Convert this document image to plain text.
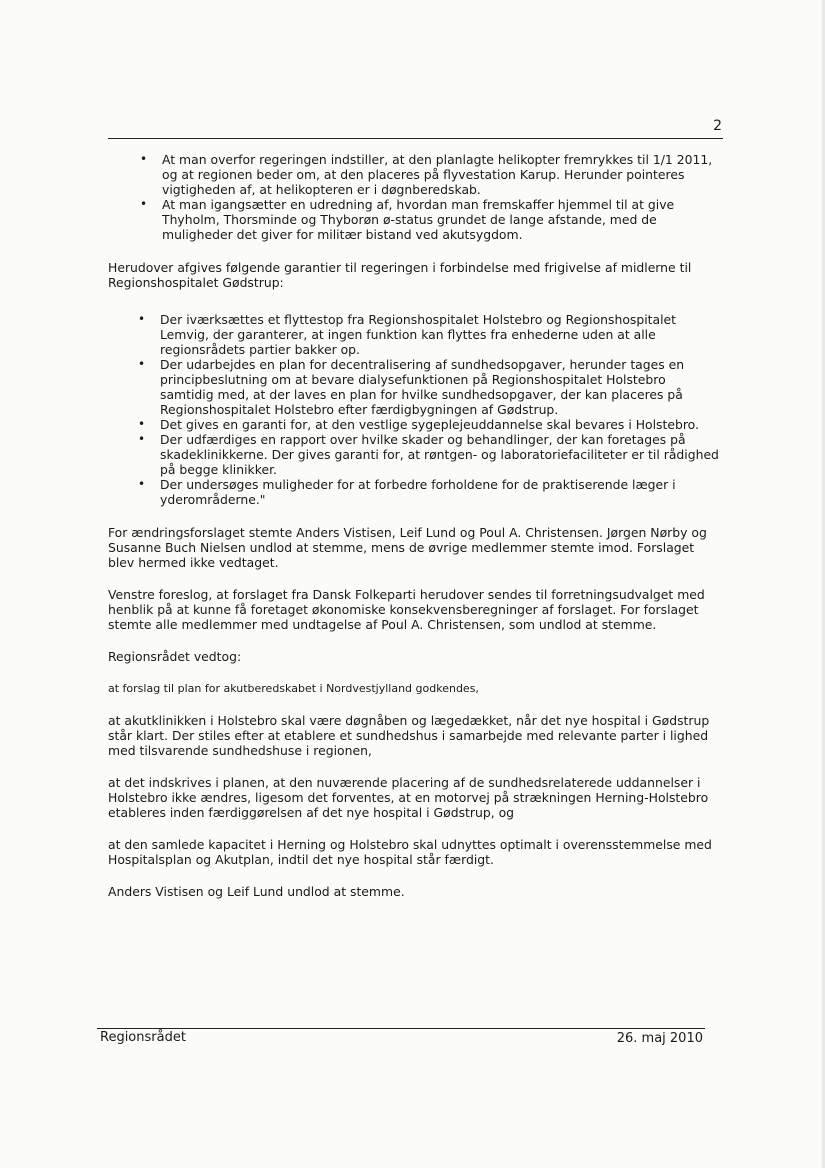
2
• At man overfor regeringen indstiller, at den planlagte helikopter fremrykkes til 1/1 2011, og at regionen beder om, at den placeres på flyvestation Karup. Herunder pointeres vigtigheden af, at helikopteren er i døgnberedskab.
• At man igangsætter en udredning af, hvordan man fremskaffer hjemmel til at give Thyholm, Thorsminde og Thyborøn ø-status grundet de lange afstande, med de muligheder det giver for militær bistand ved akutsygdom.

Herudover afgives følgende garantier til regeringen i forbindelse med frigivelse af midlerne til Regionshospitalet Gødstrup:

• Der iværksættes et flyttestop fra Regionshospitalet Holstebro og Regionshospitalet Lemvig, der garanterer, at ingen funktion kan flyttes fra enhederne uden at alle regionsrådets partier bakker op.
• Der udarbejdes en plan for decentralisering af sundhedsopgaver, herunder tages en principbeslutning om at bevare dialysefunktionen på Regionshospitalet Holstebro samtidig med, at der laves en plan for hvilke sundhedsopgaver, der kan placeres på Regionshospitalet Holstebro efter færdigbygningen af Gødstrup.
• Det gives en garanti for, at den vestlige sygeplejeuddannelse skal bevares i Holstebro.
• Der udfærdiges en rapport over hvilke skader og behandlinger, der kan foretages på skadeklinikkerne. Der gives garanti for, at røntgen- og laboratoriefaciliteter er til rådighed på begge klinikker.
• Der undersøges muligheder for at forbedre forholdene for de praktiserende læger i yderområderne."

For ændringsforslaget stemte Anders Vistisen, Leif Lund og Poul A. Christensen. Jørgen Nørby og Susanne Buch Nielsen undlod at stemme, mens de øvrige medlemmer stemte imod. Forslaget blev hermed ikke vedtaget.

Venstre foreslog, at forslaget fra Dansk Folkeparti herudover sendes til forretningsudvalget med henblik på at kunne få foretaget økonomiske konsekvensberegninger af forslaget. For forslaget stemte alle medlemmer med undtagelse af Poul A. Christensen, som undlod at stemme.

Regionsrådet vedtog:

at forslag til plan for akutberedskabet i Nordvestjylland godkendes,

at akutklinikken i Holstebro skal være døgnåben og lægedækket, når det nye hospital i Gødstrup står klart. Der stiles efter at etablere et sundhedshus i samarbejde med relevante parter i lighed med tilsvarende sundhedshuse i regionen,

at det indskrives i planen, at den nuværende placering af de sundhedsrelaterede uddannelser i Holstebro ikke ændres, ligesom det forventes, at en motorvej på strækningen Herning-Holstebro etableres inden færdiggørelsen af det nye hospital i Gødstrup, og

at den samlede kapacitet i Herning og Holstebro skal udnyttes optimalt i overensstemmelse med Hospitalsplan og Akutplan, indtil det nye hospital står færdigt.

Anders Vistisen og Leif Lund undlod at stemme.

Regionsrådet	26. maj 2010
